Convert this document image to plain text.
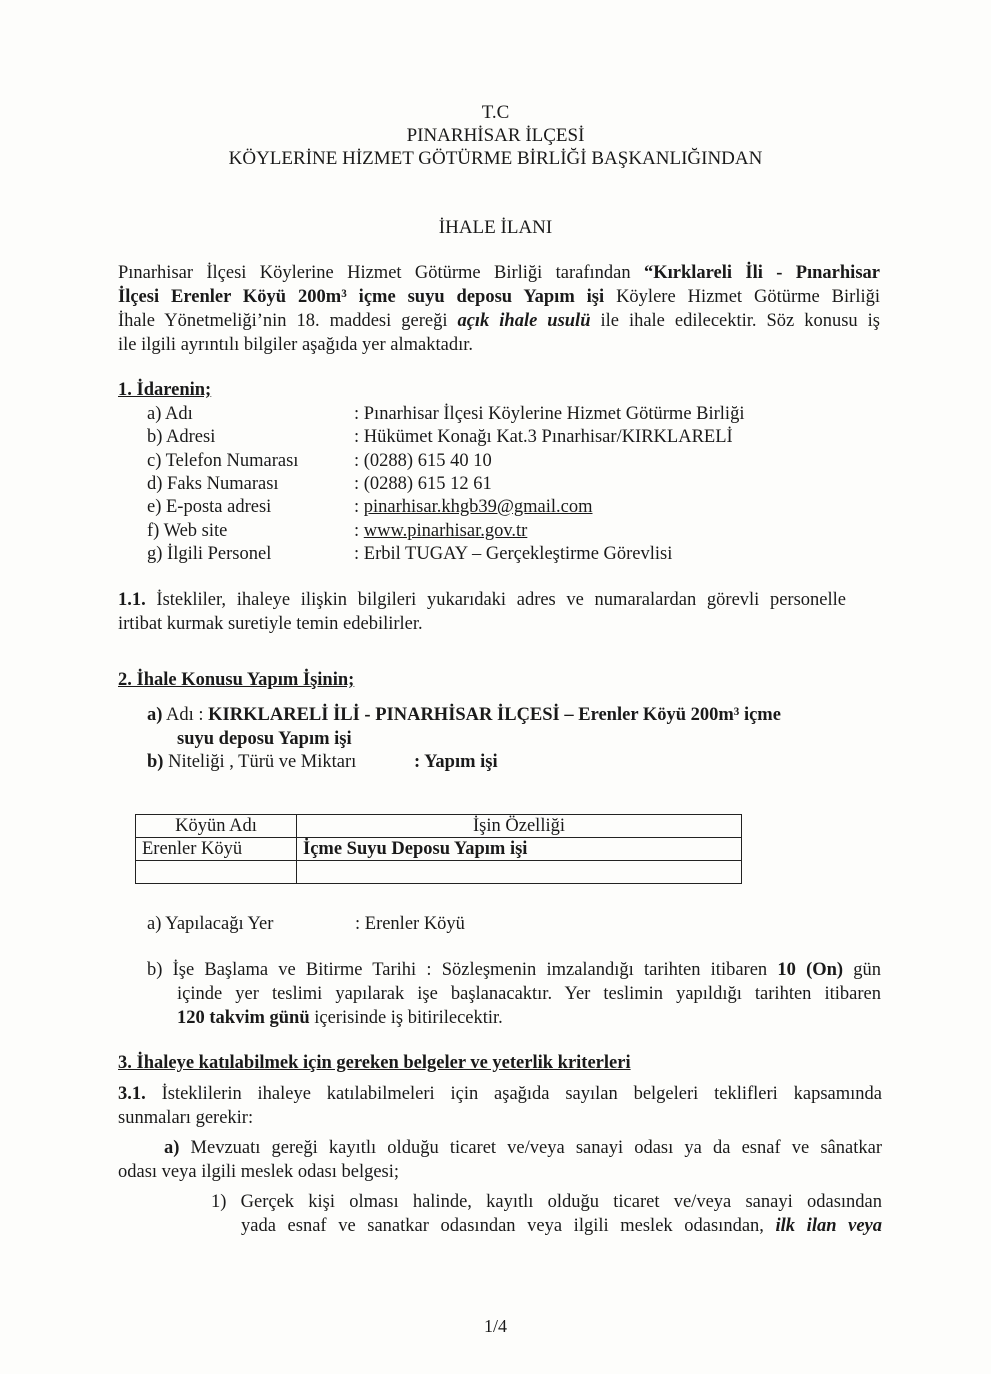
T.C
PINARHİSAR İLÇESİ
KÖYLERİNE HİZMET GÖTÜRME BİRLİĞİ BAŞKANLIĞINDAN
İHALE İLANI
Pınarhisar İlçesi Köylerine Hizmet Götürme Birliği tarafından “Kırklareli İli - Pınarhisar
İlçesi Erenler Köyü 200m³ içme suyu deposu Yapım işi Köylere Hizmet Götürme Birliği
İhale Yönetmeliği’nin 18. maddesi gereği açık ihale usulü ile ihale edilecektir. Söz konusu iş
ile ilgili ayrıntılı bilgiler aşağıda yer almaktadır.
1. İdarenin;
a) Adı	: Pınarhisar İlçesi Köylerine Hizmet Götürme Birliği
b) Adresi	: Hükümet Konağı Kat.3 Pınarhisar/KIRKLARELİ
c) Telefon Numarası	: (0288) 615 40 10
d) Faks Numarası	: (0288) 615 12 61
e) E-posta adresi	: pinarhisar.khgb39@gmail.com
f) Web site	: www.pinarhisar.gov.tr
g) İlgili Personel	: Erbil TUGAY – Gerçekleştirme Görevlisi
1.1. İstekliler, ihaleye ilişkin bilgileri yukarıdaki adres ve numaralardan görevli personelle
irtibat kurmak suretiyle temin edebilirler.
2. İhale Konusu Yapım İşinin;
a) Adı : KIRKLARELİ İLİ - PINARHİSAR İLÇESİ – Erenler Köyü 200m³ içme
suyu deposu Yapım işi
b) Niteliği , Türü ve Miktarı	: Yapım işi
Köyün Adı	İşin Özelliği
Erenler Köyü	İçme Suyu Deposu Yapım işi

a) Yapılacağı Yer	: Erenler Köyü
b) İşe Başlama ve Bitirme Tarihi : Sözleşmenin imzalandığı tarihten itibaren 10 (On) gün
içinde yer teslimi yapılarak işe başlanacaktır. Yer teslimin yapıldığı tarihten itibaren
120 takvim günü içerisinde iş bitirilecektir.
3. İhaleye katılabilmek için gereken belgeler ve yeterlik kriterleri
3.1. İsteklilerin ihaleye katılabilmeleri için aşağıda sayılan belgeleri teklifleri kapsamında
sunmaları gerekir:
a) Mevzuatı gereği kayıtlı olduğu ticaret ve/veya sanayi odası ya da esnaf ve sânatkar
odası veya ilgili meslek odası belgesi;
1) Gerçek kişi olması halinde, kayıtlı olduğu ticaret ve/veya sanayi odasından
yada esnaf ve sanatkar odasından veya ilgili meslek odasından, ilk ilan veya
1/4
